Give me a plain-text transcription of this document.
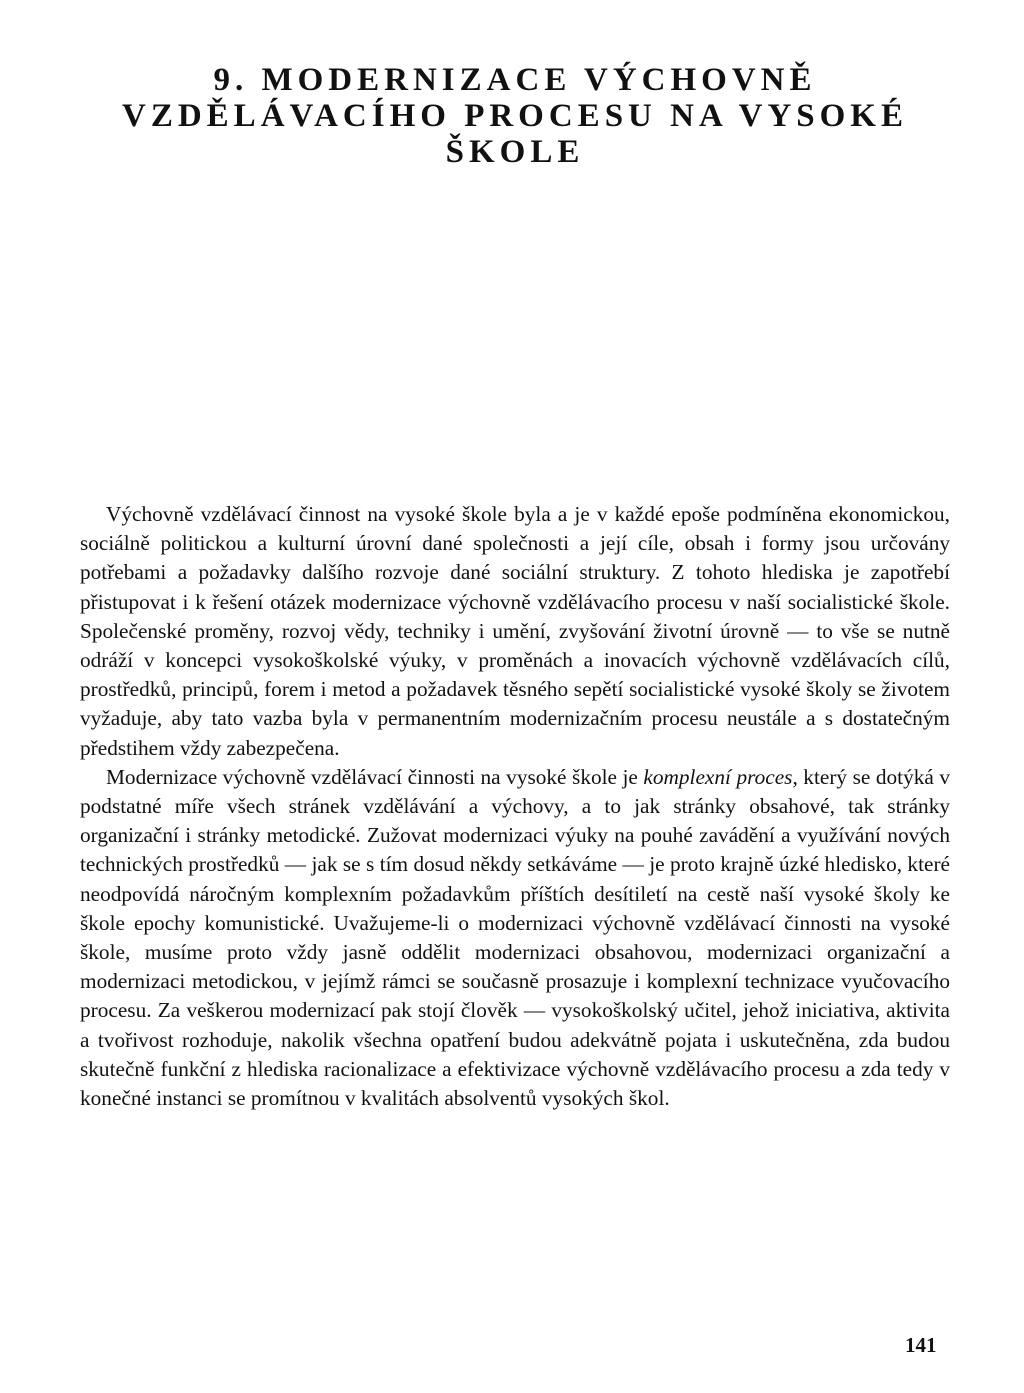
9. MODERNIZACE VÝCHOVNĚ
VZDĚLÁVACÍHO PROCESU NA VYSOKÉ
ŠKOLE

Výchovně vzdělávací činnost na vysoké škole byla a je v každé epoše podmíněna ekonomickou, sociálně politickou a kulturní úrovní dané společnosti a její cíle, obsah i formy jsou určovány potřebami a požadavky dalšího rozvoje dané sociální struktury. Z tohoto hlediska je zapotřebí přistupovat i k řešení otázek modernizace výchovně vzdělávacího procesu v naší socialistické škole. Společenské proměny, rozvoj vědy, techniky i umění, zvyšování životní úrovně — to vše se nutně odráží v koncepci vysokoškolské výuky, v proměnách a inovacích výchovně vzdělávacích cílů, prostředků, principů, forem i metod a požadavek těsného sepětí socialistické vysoké školy se životem vyžaduje, aby tato vazba byla v permanentním modernizačním procesu neustále a s dostatečným předstihem vždy zabezpečena.

Modernizace výchovně vzdělávací činnosti na vysoké škole je komplexní proces, který se dotýká v podstatné míře všech stránek vzdělávání a výchovy, a to jak stránky obsahové, tak stránky organizační i stránky metodické. Zužovat modernizaci výuky na pouhé zavádění a využívání nových technických prostředků — jak se s tím dosud někdy setkáváme — je proto krajně úzké hledisko, které neodpovídá náročným komplexním požadavkům příštích desítiletí na cestě naší vysoké školy ke škole epochy komunistické. Uvažujeme-li o modernizaci výchovně vzdělávací činnosti na vysoké škole, musíme proto vždy jasně oddělit modernizaci obsahovou, modernizaci organizační a modernizaci metodickou, v jejímž rámci se současně prosazuje i komplexní technizace vyučovacího procesu. Za veškerou modernizací pak stojí člověk — vysokoškolský učitel, jehož iniciativa, aktivita a tvořivost rozhoduje, nakolik všechna opatření budou adekvátně pojata i uskutečněna, zda budou skutečně funkční z hlediska racionalizace a efektivizace výchovně vzdělávacího procesu a zda tedy v konečné instanci se promítnou v kvalitách absolventů vysokých škol.

141
